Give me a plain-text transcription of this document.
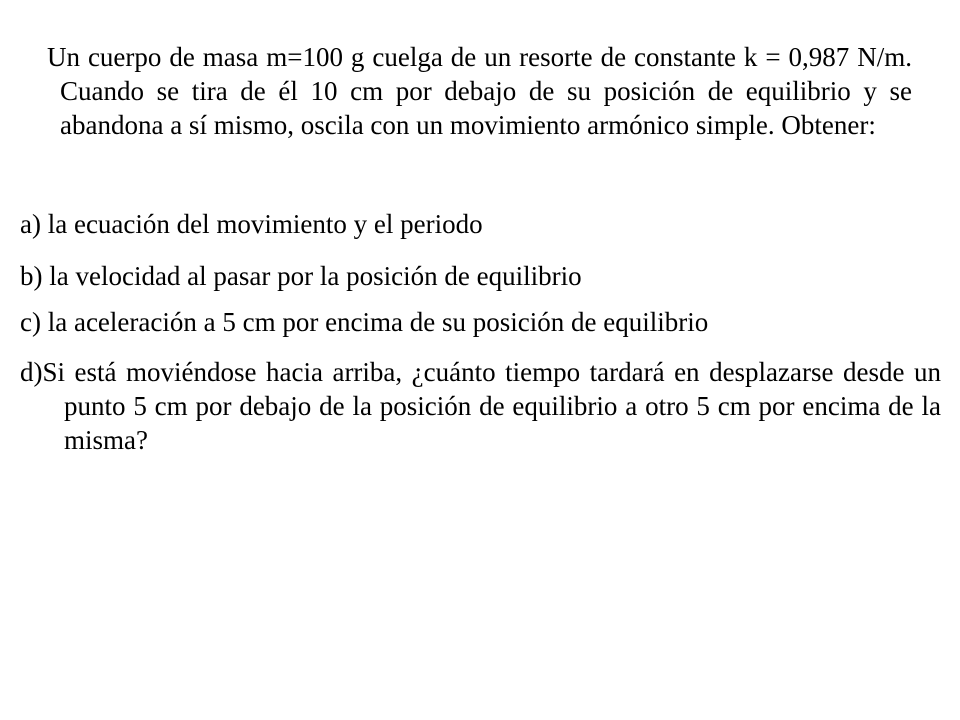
Un cuerpo de masa m=100 g cuelga de un resorte de constante k = 0,987 N/m. Cuando se tira de él 10 cm por debajo de su posición de equilibrio y se abandona a sí mismo, oscila con un movimiento armónico simple. Obtener:

a) la ecuación del movimiento y el periodo

b) la velocidad al pasar por la posición de equilibrio

c) la aceleración a 5 cm por encima de su posición de equilibrio

d)Si está moviéndose hacia arriba, ¿cuánto tiempo tardará en desplazarse desde un punto 5 cm por debajo de la posición de equilibrio a otro 5 cm por encima de la misma?
